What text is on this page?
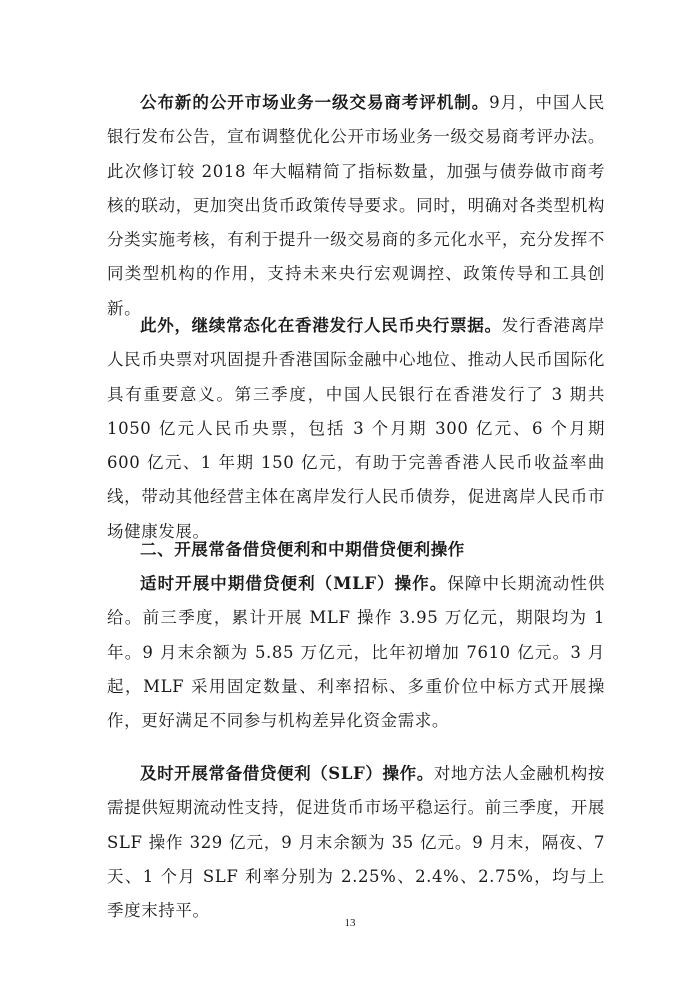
公布新的公开市场业务一级交易商考评机制。9月，中国人民银行发布公告，宣布调整优化公开市场业务一级交易商考评办法。此次修订较 2018 年大幅精简了指标数量，加强与债券做市商考核的联动，更加突出货币政策传导要求。同时，明确对各类型机构分类实施考核，有利于提升一级交易商的多元化水平，充分发挥不同类型机构的作用，支持未来央行宏观调控、政策传导和工具创新。

此外，继续常态化在香港发行人民币央行票据。发行香港离岸人民币央票对巩固提升香港国际金融中心地位、推动人民币国际化具有重要意义。第三季度，中国人民银行在香港发行了 3 期共 1050 亿元人民币央票，包括 3 个月期 300 亿元、6 个月期 600 亿元、1 年期 150 亿元，有助于完善香港人民币收益率曲线，带动其他经营主体在离岸发行人民币债券，促进离岸人民币市场健康发展。

二、开展常备借贷便利和中期借贷便利操作

适时开展中期借贷便利（MLF）操作。保障中长期流动性供给。前三季度，累计开展 MLF 操作 3.95 万亿元，期限均为 1 年。9 月末余额为 5.85 万亿元，比年初增加 7610 亿元。3 月起，MLF 采用固定数量、利率招标、多重价位中标方式开展操作，更好满足不同参与机构差异化资金需求。

及时开展常备借贷便利（SLF）操作。对地方法人金融机构按需提供短期流动性支持，促进货币市场平稳运行。前三季度，开展 SLF 操作 329 亿元，9 月末余额为 35 亿元。9 月末，隔夜、7 天、1 个月 SLF 利率分别为 2.25%、2.4%、2.75%，均与上季度末持平。

13
